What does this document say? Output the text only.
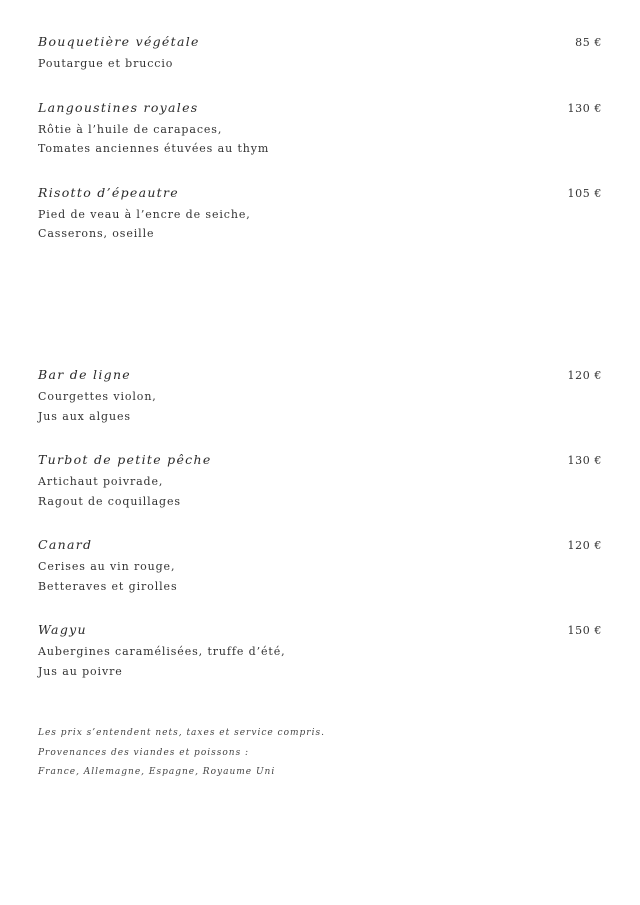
Bouquetière végétale	85 €
Poutargue et bruccio
Langoustines royales	130 €
Rôtie à l’huile de carapaces,
Tomates anciennes étuvées au thym
Risotto d’épeautre	105 €
Pied de veau à l’encre de seiche,
Casserons, oseille
Bar de ligne	120 €
Courgettes violon,
Jus aux algues
Turbot de petite pêche	130 €
Artichaut poivrade,
Ragout de coquillages
Canard	120 €
Cerises au vin rouge,
Betteraves et girolles
Wagyu	150 €
Aubergines caramélisées, truffe d’été,
Jus au poivre
Les prix s’entendent nets, taxes et service compris.
Provenances des viandes et poissons :
France, Allemagne, Espagne, Royaume Uni
